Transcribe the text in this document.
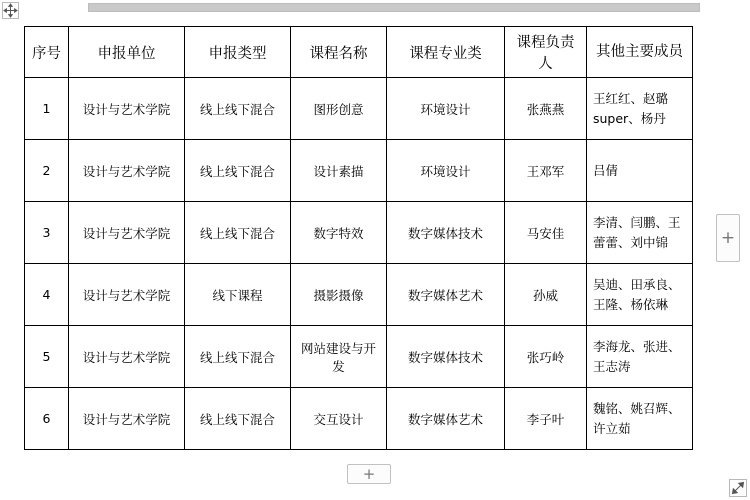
序号	申报单位	申报类型	课程名称	课程专业类	课程负责人	其他主要成员
1	设计与艺术学院	线上线下混合	图形创意	环境设计	张燕燕	王红红、赵璐super、杨丹
2	设计与艺术学院	线上线下混合	设计素描	环境设计	王邓军	吕倩
3	设计与艺术学院	线上线下混合	数字特效	数字媒体技术	马安佳	李清、闫鹏、王蕾蕾、刘中锦
4	设计与艺术学院	线下课程	摄影摄像	数字媒体艺术	孙威	吴迪、田承良、王隆、杨依琳
5	设计与艺术学院	线上线下混合	网站建设与开发	数字媒体技术	张巧岭	李海龙、张进、王志涛
6	设计与艺术学院	线上线下混合	交互设计	数字媒体艺术	李子叶	魏铭、姚召辉、许立茹
+
+
